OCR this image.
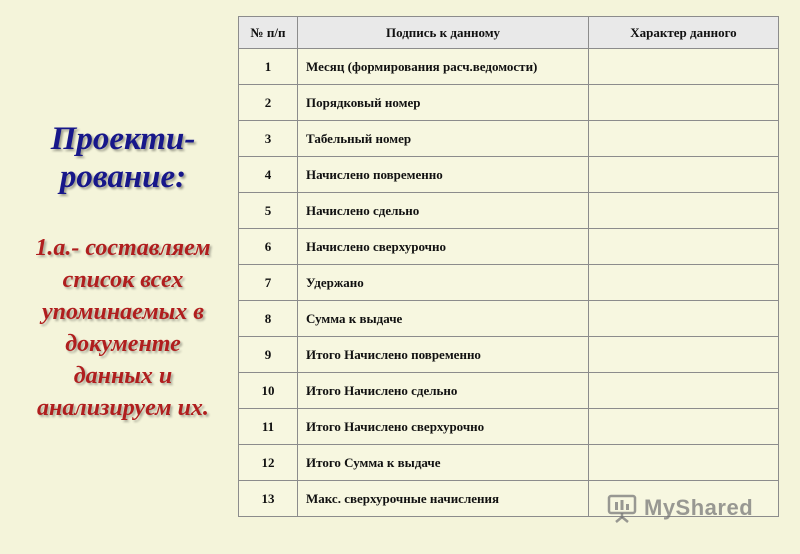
Проекти-
рование:

1.а.- составляем
список всех
упоминаемых в
документе
данных и
анализируем их.

№ п/п	Подпись к данному	Характер данного
1	Месяц (формирования расч.ведомости)	
2	Порядковый номер	
3	Табельный номер	
4	Начислено повременно	
5	Начислено сдельно	
6	Начислено сверхурочно	
7	Удержано	
8	Сумма к выдаче	
9	Итого Начислено повременно	
10	Итого Начислено сдельно	
11	Итого Начислено сверхурочно	
12	Итого Сумма к выдаче	
13	Макс. сверхурочные начисления		MyShared
